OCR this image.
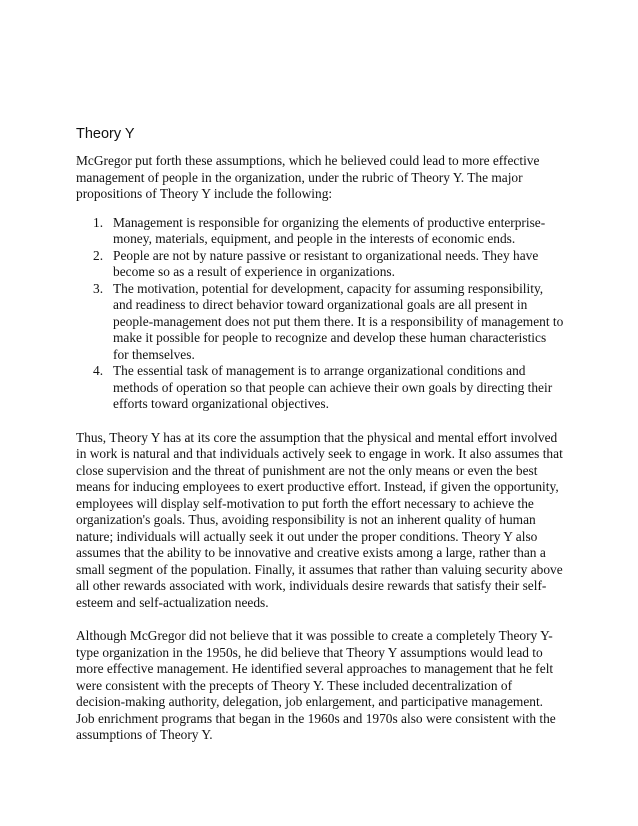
Theory Y

McGregor put forth these assumptions, which he believed could lead to more effective management of people in the organization, under the rubric of Theory Y. The major propositions of Theory Y include the following:

1. Management is responsible for organizing the elements of productive enterprise-money, materials, equipment, and people in the interests of economic ends.
2. People are not by nature passive or resistant to organizational needs. They have become so as a result of experience in organizations.
3. The motivation, potential for development, capacity for assuming responsibility, and readiness to direct behavior toward organizational goals are all present in people-management does not put them there. It is a responsibility of management to make it possible for people to recognize and develop these human characteristics for themselves.
4. The essential task of management is to arrange organizational conditions and methods of operation so that people can achieve their own goals by directing their efforts toward organizational objectives.

Thus, Theory Y has at its core the assumption that the physical and mental effort involved in work is natural and that individuals actively seek to engage in work. It also assumes that close supervision and the threat of punishment are not the only means or even the best means for inducing employees to exert productive effort. Instead, if given the opportunity, employees will display self-motivation to put forth the effort necessary to achieve the organization's goals. Thus, avoiding responsibility is not an inherent quality of human nature; individuals will actually seek it out under the proper conditions. Theory Y also assumes that the ability to be innovative and creative exists among a large, rather than a small segment of the population. Finally, it assumes that rather than valuing security above all other rewards associated with work, individuals desire rewards that satisfy their self-esteem and self-actualization needs.

Although McGregor did not believe that it was possible to create a completely Theory Y-type organization in the 1950s, he did believe that Theory Y assumptions would lead to more effective management. He identified several approaches to management that he felt were consistent with the precepts of Theory Y. These included decentralization of decision-making authority, delegation, job enlargement, and participative management. Job enrichment programs that began in the 1960s and 1970s also were consistent with the assumptions of Theory Y.
